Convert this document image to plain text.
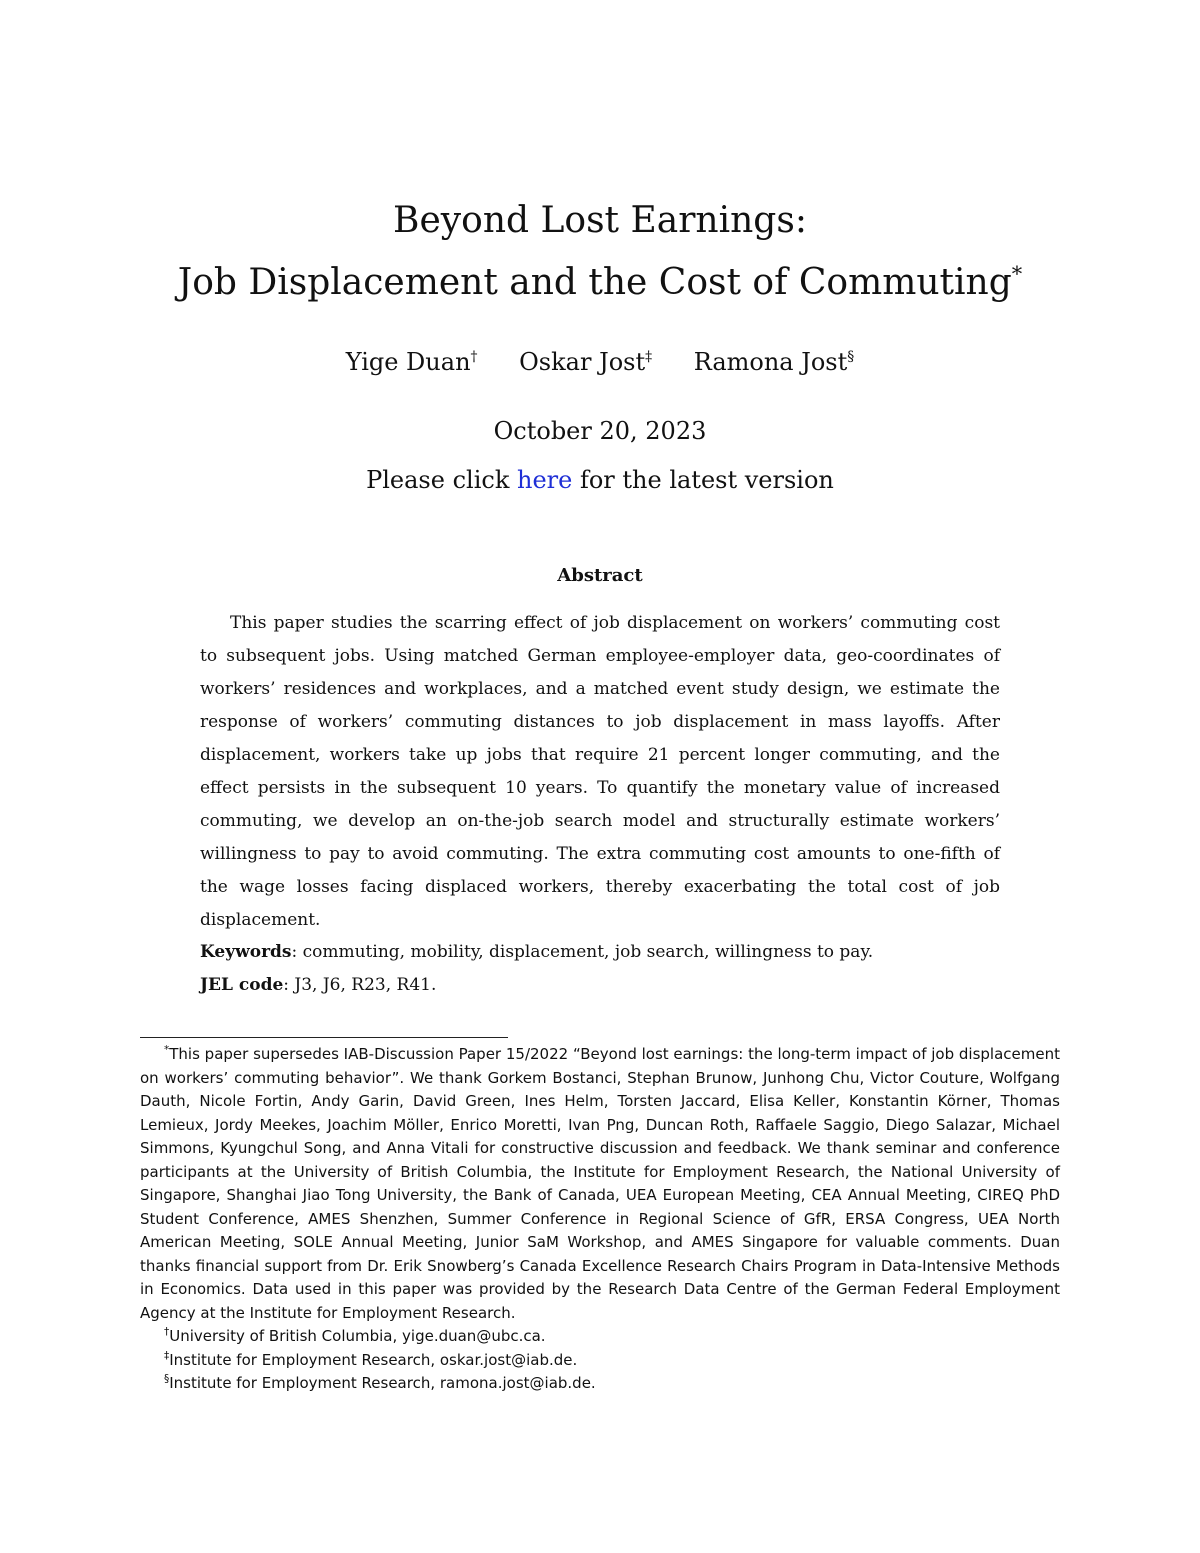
Beyond Lost Earnings:
Job Displacement and the Cost of Commuting*
Yige Duan† Oskar Jost‡ Ramona Jost§
October 20, 2023
Please click here for the latest version
Abstract

This paper studies the scarring effect of job displacement on workers’ commuting cost to subsequent jobs. Using matched German employee-employer data, geo-coordinates of workers’ residences and workplaces, and a matched event study design, we estimate the response of workers’ commuting distances to job displacement in mass layoffs. After displacement, workers take up jobs that require 21 percent longer commuting, and the effect persists in the subsequent 10 years. To quantify the monetary value of increased commuting, we develop an on-the-job search model and structurally estimate workers’ willingness to pay to avoid commuting. The extra commuting cost amounts to one-fifth of the wage losses facing displaced workers, thereby exacerbating the total cost of job displacement.

Keywords: commuting, mobility, displacement, job search, willingness to pay.
JEL code: J3, J6, R23, R41.

*This paper supersedes IAB-Discussion Paper 15/2022 “Beyond lost earnings: the long-term impact of job displacement on workers’ commuting behavior”. We thank Gorkem Bostanci, Stephan Brunow, Junhong Chu, Victor Couture, Wolfgang Dauth, Nicole Fortin, Andy Garin, David Green, Ines Helm, Torsten Jaccard, Elisa Keller, Konstantin Körner, Thomas Lemieux, Jordy Meekes, Joachim Möller, Enrico Moretti, Ivan Png, Duncan Roth, Raffaele Saggio, Diego Salazar, Michael Simmons, Kyungchul Song, and Anna Vitali for constructive discussion and feedback. We thank seminar and conference participants at the University of British Columbia, the Institute for Employment Research, the National University of Singapore, Shanghai Jiao Tong University, the Bank of Canada, UEA European Meeting, CEA Annual Meeting, CIREQ PhD Student Conference, AMES Shenzhen, Summer Conference in Regional Science of GfR, ERSA Congress, UEA North American Meeting, SOLE Annual Meeting, Junior SaM Workshop, and AMES Singapore for valuable comments. Duan thanks financial support from Dr. Erik Snowberg’s Canada Excellence Research Chairs Program in Data-Intensive Methods in Economics. Data used in this paper was provided by the Research Data Centre of the German Federal Employment Agency at the Institute for Employment Research.

†University of British Columbia, yige.duan@ubc.ca.

‡Institute for Employment Research, oskar.jost@iab.de.

§Institute for Employment Research, ramona.jost@iab.de.
